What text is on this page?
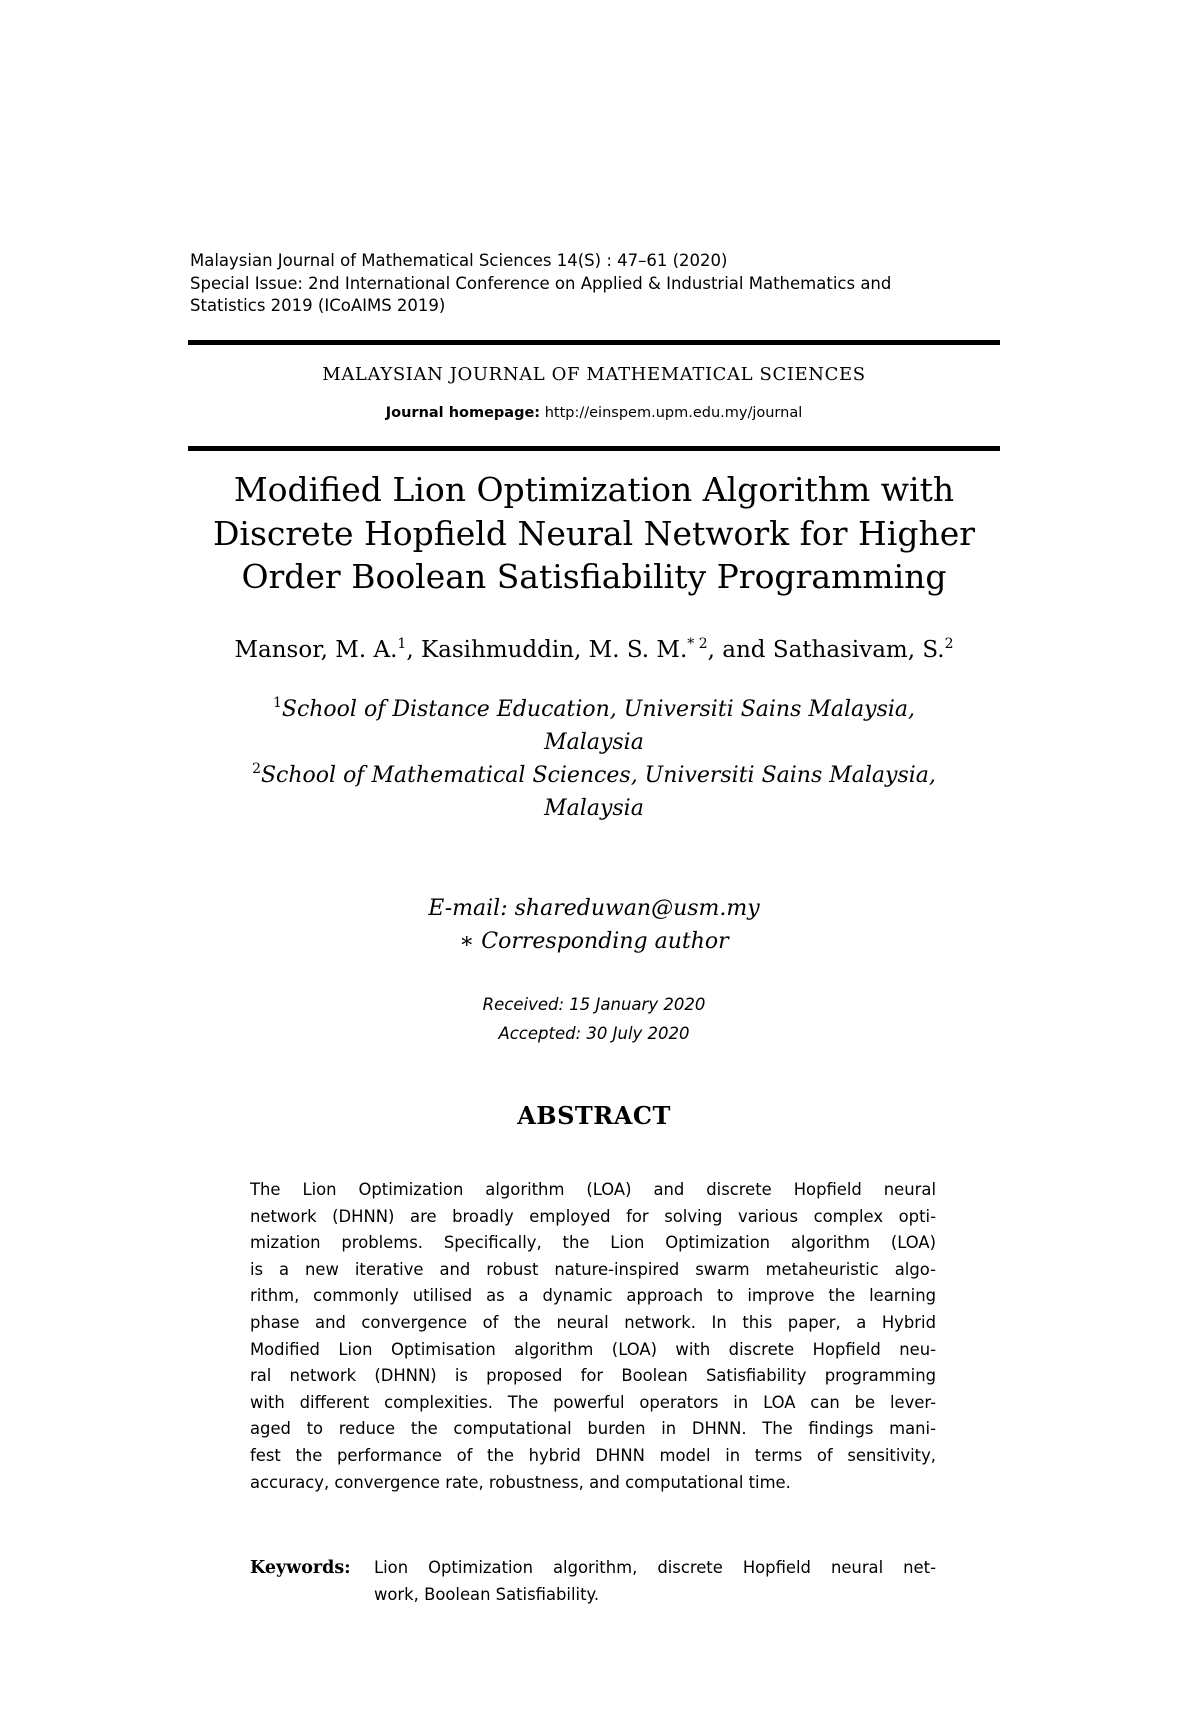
Malaysian Journal of Mathematical Sciences 14(S) : 47–61 (2020)
Special Issue: 2nd International Conference on Applied & Industrial Mathematics and
Statistics 2019 (ICoAIMS 2019)
MALAYSIAN JOURNAL OF MATHEMATICAL SCIENCES
Journal homepage: http://einspem.upm.edu.my/journal
Modified Lion Optimization Algorithm with
Discrete Hopfield Neural Network for Higher
Order Boolean Satisfiability Programming
Mansor, M. A.$^1$, Kasihmuddin, M. S. M.$^{* 2}$, and Sathasivam, S.$^2$
$^1$School of Distance Education, Universiti Sains Malaysia,
Malaysia
$^2$School of Mathematical Sciences, Universiti Sains Malaysia,
Malaysia
E-mail: shareduwan@usm.my
∗ Corresponding author
Received: 15 January 2020
Accepted: 30 July 2020
ABSTRACT
The Lion Optimization algorithm (LOA) and discrete Hopfield neural
network (DHNN) are broadly employed for solving various complex opti-
mization problems. Specifically, the Lion Optimization algorithm (LOA)
is a new iterative and robust nature-inspired swarm metaheuristic algo-
rithm, commonly utilised as a dynamic approach to improve the learning
phase and convergence of the neural network. In this paper, a Hybrid
Modified Lion Optimisation algorithm (LOA) with discrete Hopfield neu-
ral network (DHNN) is proposed for Boolean Satisfiability programming
with different complexities. The powerful operators in LOA can be lever-
aged to reduce the computational burden in DHNN. The findings mani-
fest the performance of the hybrid DHNN model in terms of sensitivity,
accuracy, convergence rate, robustness, and computational time.
Keywords: Lion Optimization algorithm, discrete Hopfield neural net-
work, Boolean Satisfiability.
